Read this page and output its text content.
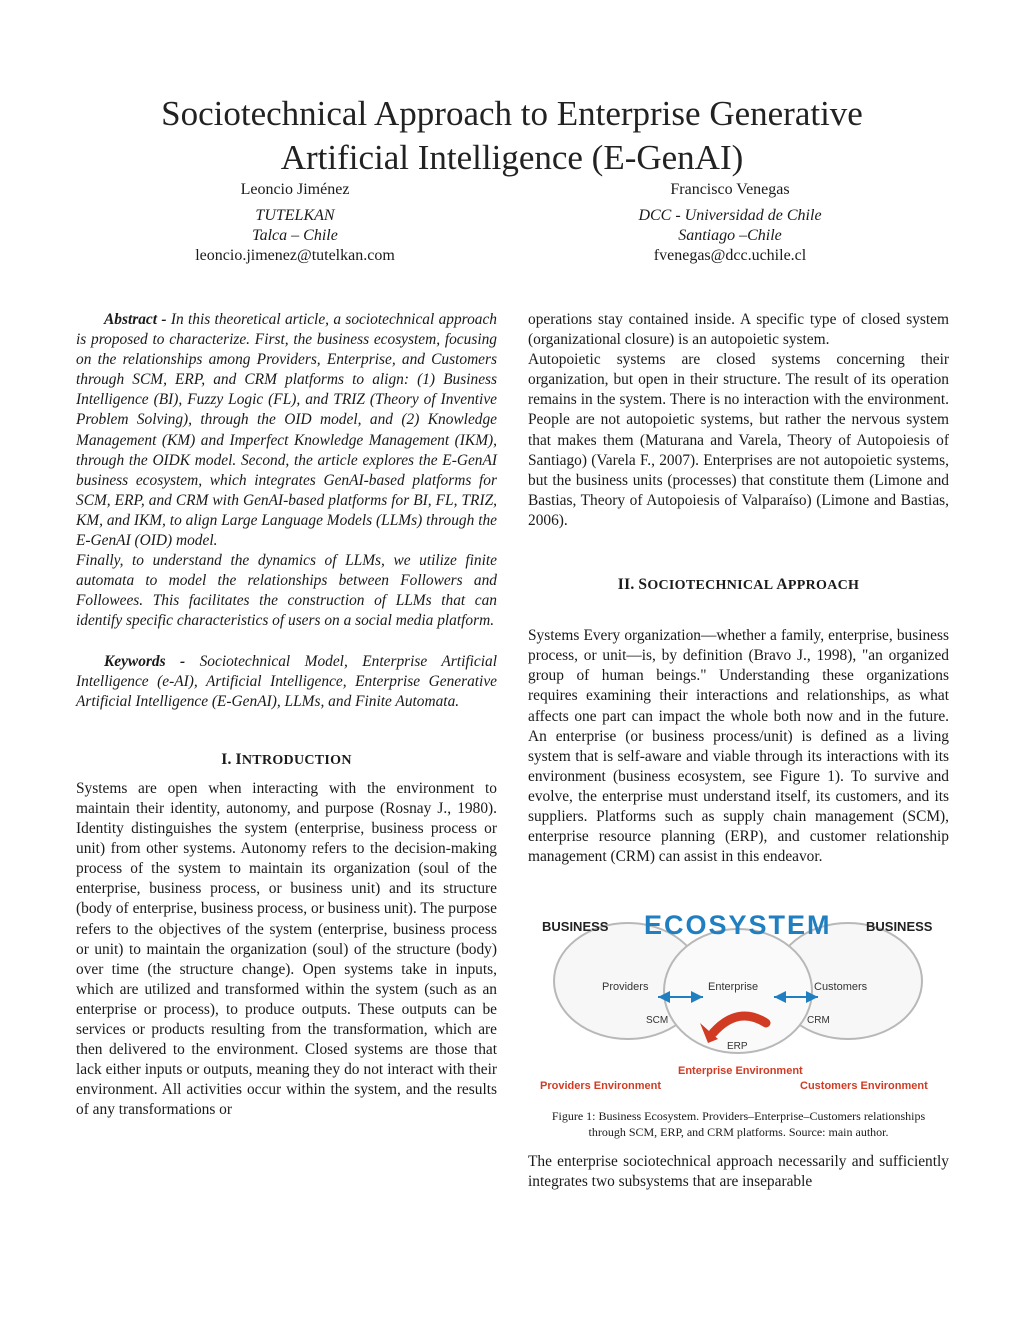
Sociotechnical Approach to Enterprise Generative
Artificial Intelligence (E-GenAI)
Leoncio Jiménez
TUTELKAN
Talca – Chile
leoncio.jimenez@tutelkan.com
Francisco Venegas
DCC - Universidad de Chile
Santiago –Chile
fvenegas@dcc.uchile.cl

Abstract - In this theoretical article, a sociotechnical approach is proposed to characterize. First, the business ecosystem, focusing on the relationships among Providers, Enterprise, and Customers through SCM, ERP, and CRM platforms to align: (1) Business Intelligence (BI), Fuzzy Logic (FL), and TRIZ (Theory of Inventive Problem Solving), through the OID model, and (2) Knowledge Management (KM) and Imperfect Knowledge Management (IKM), through the OIDK model. Second, the article explores the E-GenAI business ecosystem, which integrates GenAI-based platforms for SCM, ERP, and CRM with GenAI-based platforms for BI, FL, TRIZ, KM, and IKM, to align Large Language Models (LLMs) through the E-GenAI (OID) model.

Finally, to understand the dynamics of LLMs, we utilize finite automata to model the relationships between Followers and Followees. This facilitates the construction of LLMs that can identify specific characteristics of users on a social media platform.

Keywords - Sociotechnical Model, Enterprise Artificial Intelligence (e-AI), Artificial Intelligence, Enterprise Generative Artificial Intelligence (E-GenAI), LLMs, and Finite Automata.

I. INTRODUCTION

Systems are open when interacting with the environment to maintain their identity, autonomy, and purpose (Rosnay J., 1980). Identity distinguishes the system (enterprise, business process or unit) from other systems. Autonomy refers to the decision-making process of the system to maintain its organization (soul of the enterprise, business process, or business unit) and its structure (body of enterprise, business process, or business unit). The purpose refers to the objectives of the system (enterprise, business process or unit) to maintain the organization (soul) of the structure (body) over time (the structure change). Open systems take in inputs, which are utilized and transformed within the system (such as an enterprise or process), to produce outputs. These outputs can be services or products resulting from the transformation, which are then delivered to the environment. Closed systems are those that lack either inputs or outputs, meaning they do not interact with their environment. All activities occur within the system, and the results of any transformations or

operations stay contained inside. A specific type of closed system (organizational closure) is an autopoietic system.

Autopoietic systems are closed systems concerning their organization, but open in their structure. The result of its operation remains in the system. There is no interaction with the environment. People are not autopoietic systems, but rather the nervous system that makes them (Maturana and Varela, Theory of Autopoiesis of Santiago) (Varela F., 2007). Enterprises are not autopoietic systems, but the business units (processes) that constitute them (Limone and Bastias, Theory of Autopoiesis of Valparaíso) (Limone and Bastias, 2006).

II. SOCIOTECHNICAL APPROACH

Systems Every organization—whether a family, enterprise, business process, or unit—is, by definition (Bravo J., 1998), "an organized group of human beings." Understanding these organizations requires examining their interactions and relationships, as what affects one part can impact the whole both now and in the future. An enterprise (or business process/unit) is defined as a living system that is self-aware and viable through its interactions with its environment (business ecosystem, see Figure 1). To survive and evolve, the enterprise must understand itself, its customers, and its suppliers. Platforms such as supply chain management (SCM), enterprise resource planning (ERP), and customer relationship management (CRM) can assist in this endeavor.

BUSINESS ECOSYSTEM	BUSINESS
Providers	Enterprise	Customers
SCM	CRM
ERP
Enterprise Environment
Providers Environment	Customers Environment
Figure 1: Business Ecosystem. Providers–Enterprise–Customers relationships
through SCM, ERP, and CRM platforms. Source: main author.

The enterprise sociotechnical approach necessarily and sufficiently integrates two subsystems that are inseparable
